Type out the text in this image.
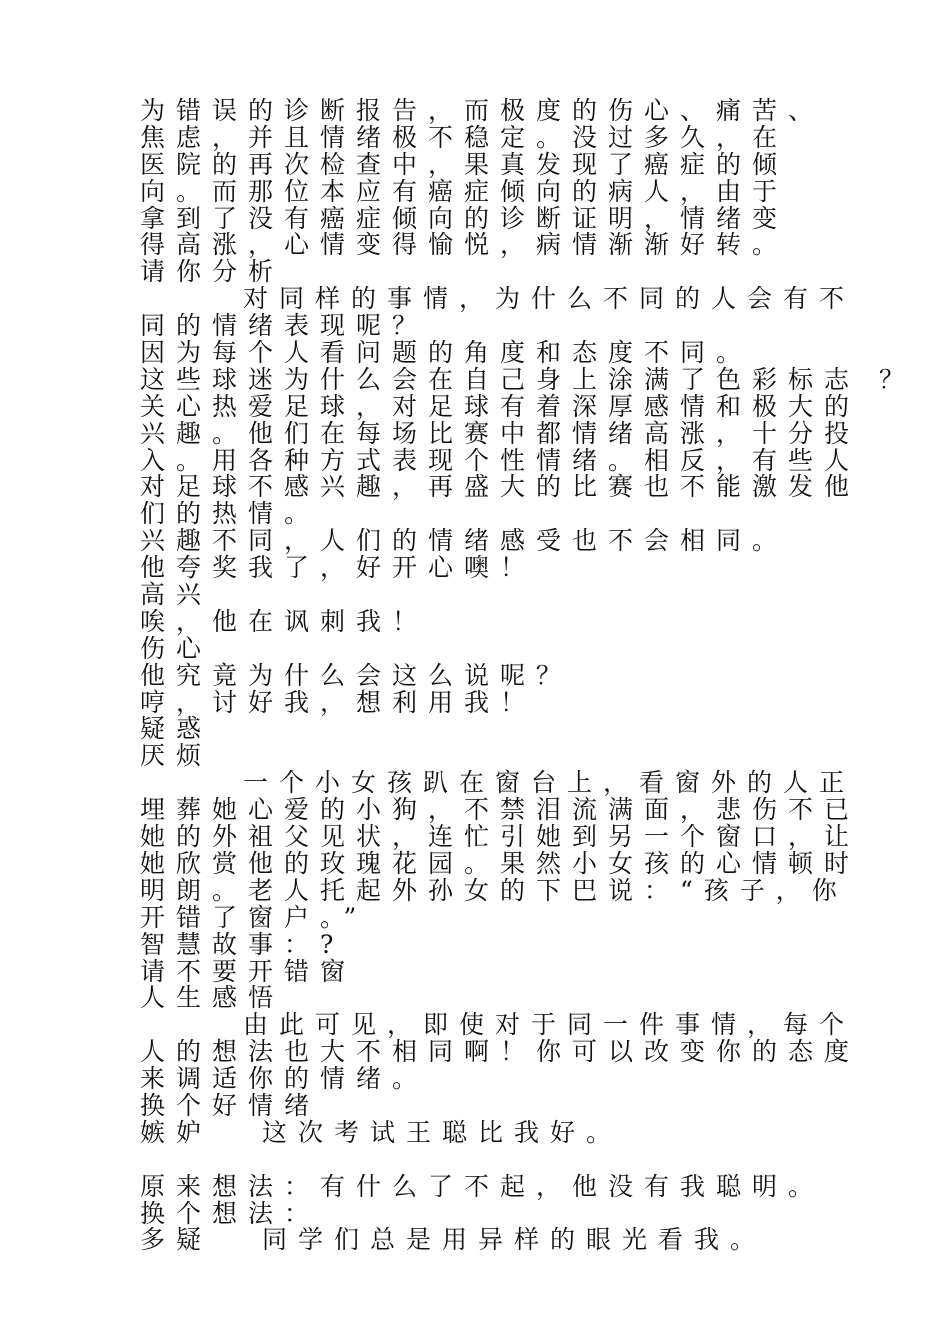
为错误的诊断报告，而极度的伤心、痛苦、
焦虑，并且情绪极不稳定。没过多久，在
医院的再次检查中，果真发现了癌症的倾
向。而那位本应有癌症倾向的病人，由于
拿到了没有癌症倾向的诊断证明，情绪变
得高涨，心情变得愉悦，病情渐渐好转。
请你分析
对同样的事情，为什么不同的人会有不
同的情绪表现呢？
因为每个人看问题的角度和态度不同。
这些球迷为什么会在自己身上涂满了色彩标志 ？
关心热爱足球，对足球有着深厚感情和极大的
兴趣。他们在每场比赛中都情绪高涨，十分投
入。用各种方式表现个性情绪。相反，有些人
对足球不感兴趣，再盛大的比赛也不能激发他
们的热情。
兴趣不同，人们的情绪感受也不会相同。
他夸奖我了，好开心噢！
高兴
唉，他在讽刺我！
伤心
他究竟为什么会这么说呢？
哼，讨好我，想利用我！
疑惑
厌烦
一个小女孩趴在窗台上，看窗外的人正
埋葬她心爱的小狗，不禁泪流满面，悲伤不已
她的外祖父见状，连忙引她到另一个窗口，让
她欣赏他的玫瑰花园。果然小女孩的心情顿时
明朗。老人托起外孙女的下巴说：“孩子，你
开错了窗户。”
智慧故事：?
请不要开错窗
人生感悟
由此可见，即使对于同一件事情，每个
人的想法也大不相同啊！你可以改变你的态度
来调适你的情绪。
换个好情绪
嫉妒 这次考试王聪比我好。
原来想法：有什么了不起，他没有我聪明。
换个想法：
多疑 同学们总是用异样的眼光看我。
